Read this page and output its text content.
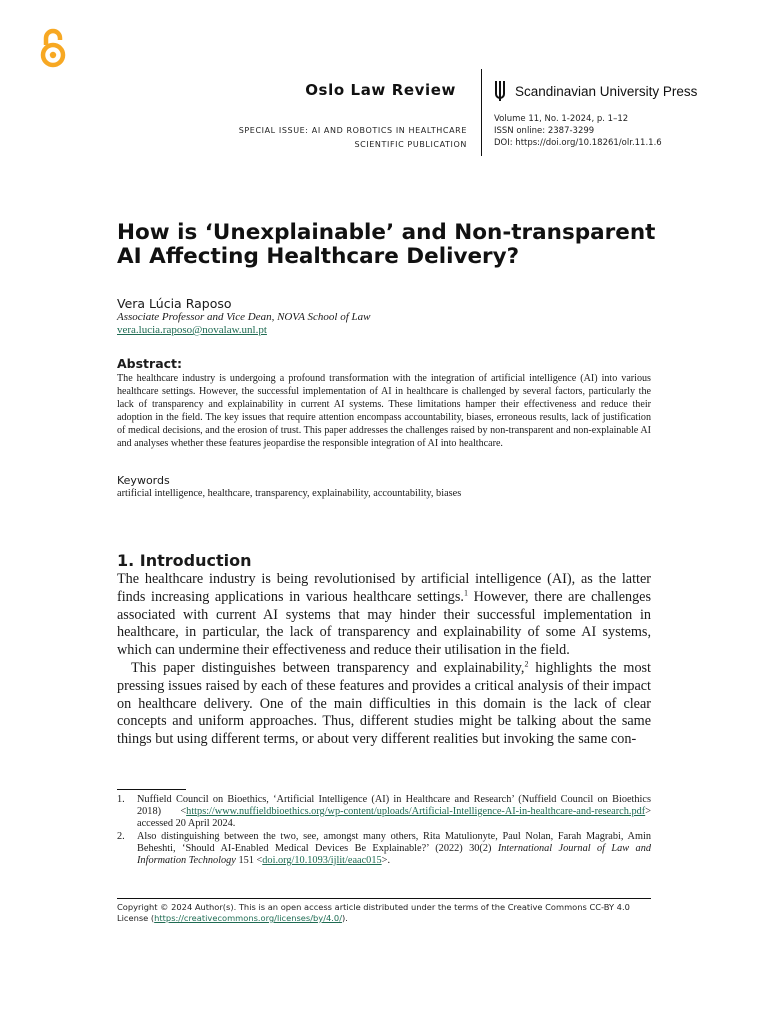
Oslo Law Review
SPECIAL ISSUE: AI AND ROBOTICS IN HEALTHCARE
SCIENTIFIC PUBLICATION
Scandinavian University Press
Volume 11, No. 1-2024, p. 1–12
ISSN online: 2387-3299
DOI: https://doi.org/10.18261/olr.11.1.6
How is ‘Unexplainable’ and Non-transparent AI Affecting Healthcare Delivery?
Vera Lúcia Raposo
Associate Professor and Vice Dean, NOVA School of Law
vera.lucia.raposo@novalaw.unl.pt
Abstract:
The healthcare industry is undergoing a profound transformation with the integration of artificial intelligence (AI) into various healthcare settings. However, the successful implementation of AI in healthcare is challenged by several factors, particularly the lack of transparency and explainability in current AI systems. These limitations hamper their effectiveness and reduce their adoption in the field. The key issues that require attention encompass accountability, biases, erroneous results, lack of justification of medical decisions, and the erosion of trust. This paper addresses the challenges raised by non-transparent and non-explainable AI and analyses whether these features jeopardise the responsible integration of AI into healthcare.
Keywords
artificial intelligence, healthcare, transparency, explainability, accountability, biases
1. Introduction

The healthcare industry is being revolutionised by artificial intelligence (AI), as the latter finds increasing applications in various healthcare settings.$^1$ However, there are challenges associated with current AI systems that may hinder their successful implementation in healthcare, in particular, the lack of transparency and explainability of some AI systems, which can undermine their effectiveness and reduce their utilisation in the field.

This paper distinguishes between transparency and explainability,$^2$ highlights the most pressing issues raised by each of these features and provides a critical analysis of their impact on healthcare delivery. One of the main difficulties in this domain is the lack of clear concepts and uniform approaches. Thus, different studies might be talking about the same things but using different terms, or about very different realities but invoking the same con-

1.	Nuffield Council on Bioethics, ‘Artificial Intelligence (AI) in Healthcare and Research’ (Nuffield Council on Bioethics 2018) <https://www.nuffieldbioethics.org/wp-content/uploads/Artificial-Intelligence-AI-in-healthcare-and-research.pdf> accessed 20 April 2024.
2.	Also distinguishing between the two, see, amongst many others, Rita Matulionyte, Paul Nolan, Farah Magrabi, Amin Beheshti, ‘Should AI-Enabled Medical Devices Be Explainable?’ (2022) 30(2) International Journal of Law and Information Technology 151 <doi.org/10.1093/ijlit/eaac015>.
Copyright © 2024 Author(s). This is an open access article distributed under the terms of the Creative Commons CC-BY 4.0 License (https://creativecommons.org/licenses/by/4.0/).
